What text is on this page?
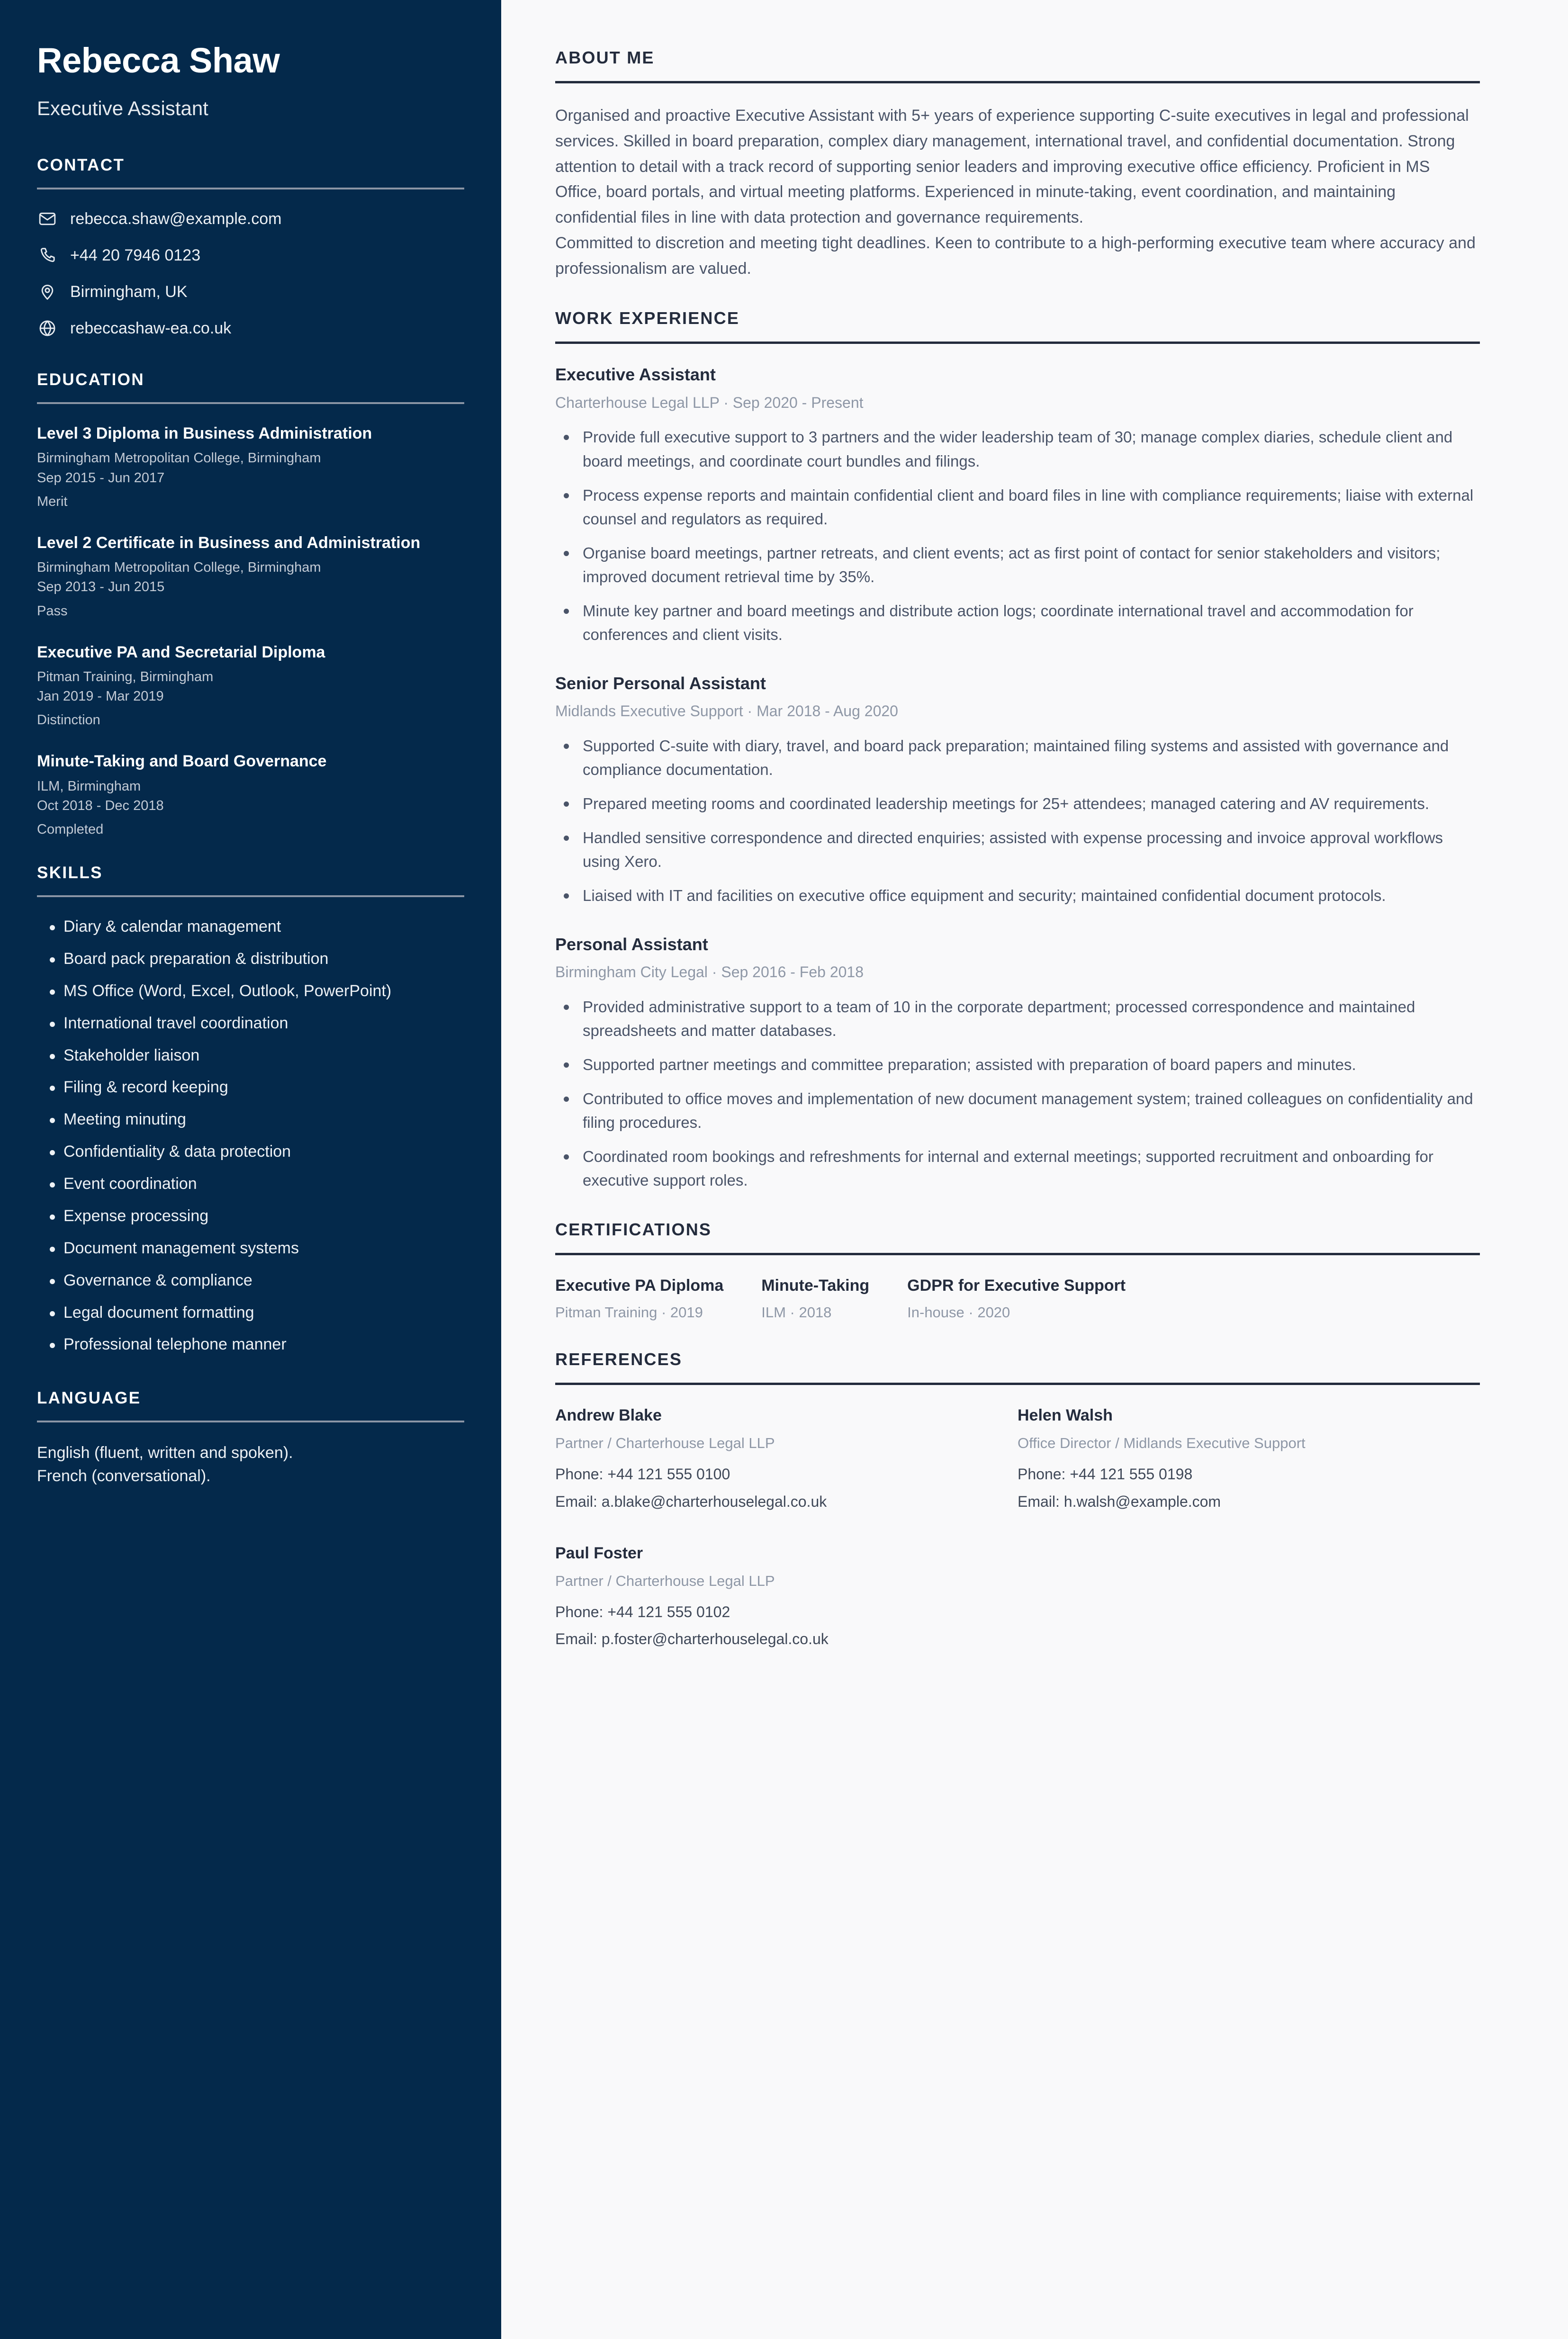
Rebecca Shaw
Executive Assistant
CONTACT
rebecca.shaw@example.com
+44 20 7946 0123
Birmingham, UK
rebeccashaw-ea.co.uk
EDUCATION
Level 3 Diploma in Business Administration
Birmingham Metropolitan College, Birmingham
Sep 2015 - Jun 2017
Merit
Level 2 Certificate in Business and Administration
Birmingham Metropolitan College, Birmingham
Sep 2013 - Jun 2015
Pass
Executive PA and Secretarial Diploma
Pitman Training, Birmingham
Jan 2019 - Mar 2019
Distinction
Minute-Taking and Board Governance
ILM, Birmingham
Oct 2018 - Dec 2018
Completed
SKILLS
Diary & calendar management
Board pack preparation & distribution
MS Office (Word, Excel, Outlook, PowerPoint)
International travel coordination
Stakeholder liaison
Filing & record keeping
Meeting minuting
Confidentiality & data protection
Event coordination
Expense processing
Document management systems
Governance & compliance
Legal document formatting
Professional telephone manner
LANGUAGE
English (fluent, written and spoken).
French (conversational).
ABOUT ME

Organised and proactive Executive Assistant with 5+ years of experience supporting C-suite executives in legal and professional services. Skilled in board preparation, complex diary management, international travel, and confidential documentation. Strong attention to detail with a track record of supporting senior leaders and improving executive office efficiency. Proficient in MS Office, board portals, and virtual meeting platforms. Experienced in minute-taking, event coordination, and maintaining confidential files in line with data protection and governance requirements.

Committed to discretion and meeting tight deadlines. Keen to contribute to a high-performing executive team where accuracy and professionalism are valued.

WORK EXPERIENCE
Executive Assistant
Charterhouse Legal LLP · Sep 2020 - Present
Provide full executive support to 3 partners and the wider leadership team of 30; manage complex diaries, schedule client and board meetings, and coordinate court bundles and filings.
Process expense reports and maintain confidential client and board files in line with compliance requirements; liaise with external counsel and regulators as required.
Organise board meetings, partner retreats, and client events; act as first point of contact for senior stakeholders and visitors; improved document retrieval time by 35%.
Minute key partner and board meetings and distribute action logs; coordinate international travel and accommodation for conferences and client visits.
Senior Personal Assistant
Midlands Executive Support · Mar 2018 - Aug 2020
Supported C-suite with diary, travel, and board pack preparation; maintained filing systems and assisted with governance and compliance documentation.
Prepared meeting rooms and coordinated leadership meetings for 25+ attendees; managed catering and AV requirements.
Handled sensitive correspondence and directed enquiries; assisted with expense processing and invoice approval workflows using Xero.
Liaised with IT and facilities on executive office equipment and security; maintained confidential document protocols.
Personal Assistant
Birmingham City Legal · Sep 2016 - Feb 2018
Provided administrative support to a team of 10 in the corporate department; processed correspondence and maintained spreadsheets and matter databases.
Supported partner meetings and committee preparation; assisted with preparation of board papers and minutes.
Contributed to office moves and implementation of new document management system; trained colleagues on confidentiality and filing procedures.
Coordinated room bookings and refreshments for internal and external meetings; supported recruitment and onboarding for executive support roles.
CERTIFICATIONS
Executive PA Diploma
Pitman Training · 2019
Minute-Taking
ILM · 2018
GDPR for Executive Support
In-house · 2020
REFERENCES
Andrew Blake
Partner / Charterhouse Legal LLP
Phone: +44 121 555 0100
Email: a.blake@charterhouselegal.co.uk
Helen Walsh
Office Director / Midlands Executive Support
Phone: +44 121 555 0198
Email: h.walsh@example.com
Paul Foster
Partner / Charterhouse Legal LLP
Phone: +44 121 555 0102
Email: p.foster@charterhouselegal.co.uk
